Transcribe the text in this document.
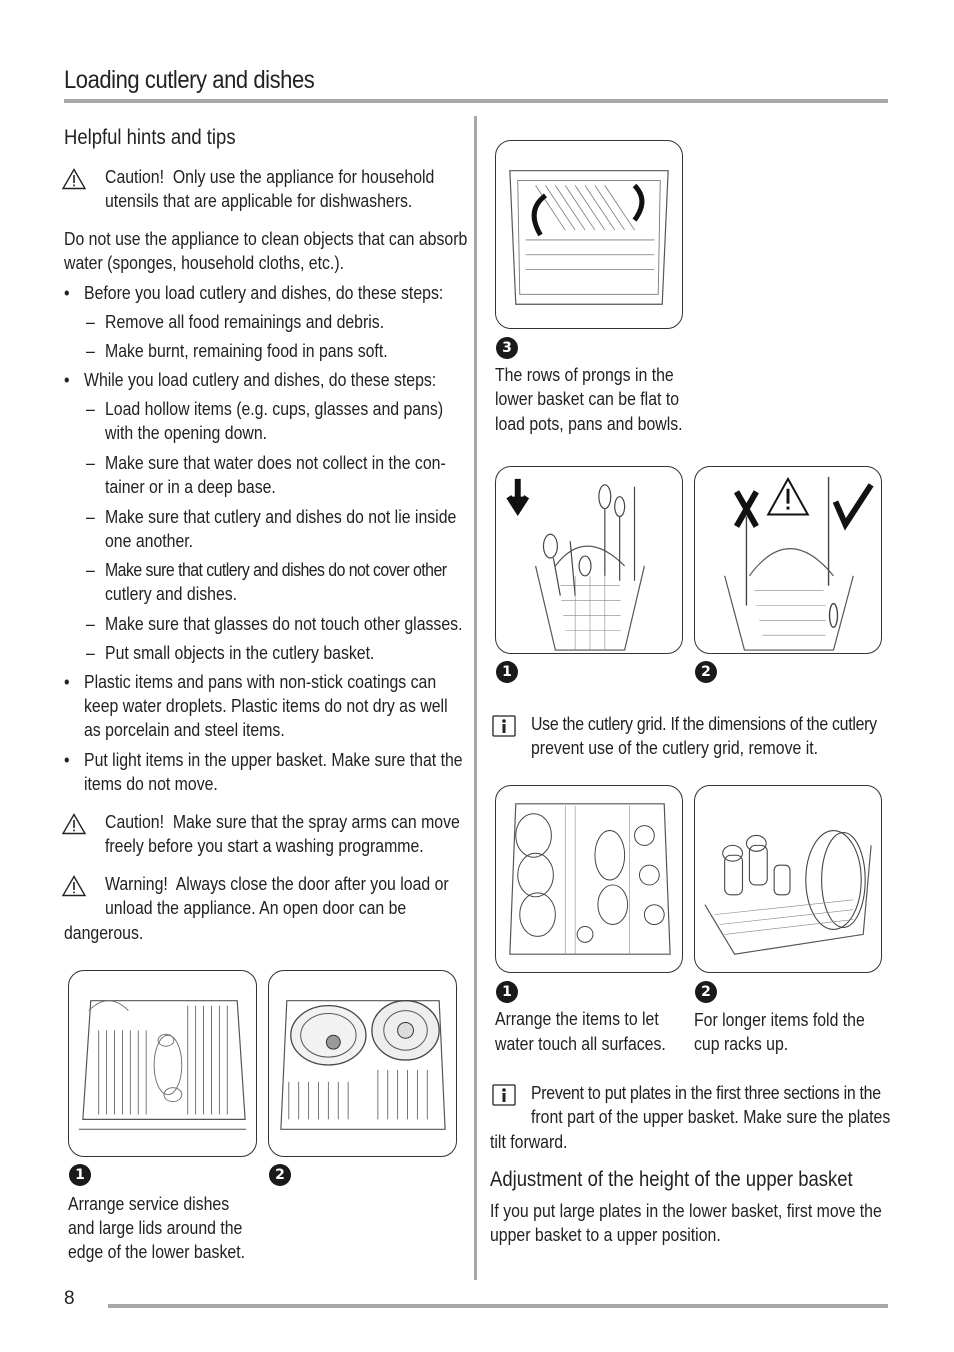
Loading cutlery and dishes
Helpful hints and tips
Caution! Only use the appliance for household
utensils that are applicable for dishwashers.
Do not use the appliance to clean objects that can absorb
water (sponges, household cloths, etc.).
• Before you load cutlery and dishes, do these steps:
– Remove all food remainings and debris.
– Make burnt, remaining food in pans soft.
• While you load cutlery and dishes, do these steps:
– Load hollow items (e.g. cups, glasses and pans)
with the opening down.
– Make sure that water does not collect in the con-
tainer or in a deep base.
– Make sure that cutlery and dishes do not lie inside
one another.
– Make sure that cutlery and dishes do not cover other
cutlery and dishes.
– Make sure that glasses do not touch other glasses.
– Put small objects in the cutlery basket.
• Plastic items and pans with non-stick coatings can
keep water droplets. Plastic items do not dry as well
as porcelain and steel items.
• Put light items in the upper basket. Make sure that the
items do not move.
Caution! Make sure that the spray arms can move
freely before you start a washing programme.
Warning! Always close the door after you load or
unload the appliance. An open door can be
dangerous.
1	2
Arrange service dishes
and large lids around the
edge of the lower basket.
3
The rows of prongs in the
lower basket can be flat to
load pots, pans and bowls.
1	2
Use the cutlery grid. If the dimensions of the cutlery
prevent use of the cutlery grid, remove it.
1	2
Arrange the items to let
water touch all surfaces.
For longer items fold the
cup racks up.
Prevent to put plates in the first three sections in the
front part of the upper basket. Make sure the plates
tilt forward.
Adjustment of the height of the upper basket
If you put large plates in the lower basket, first move the
upper basket to a upper position.
8
